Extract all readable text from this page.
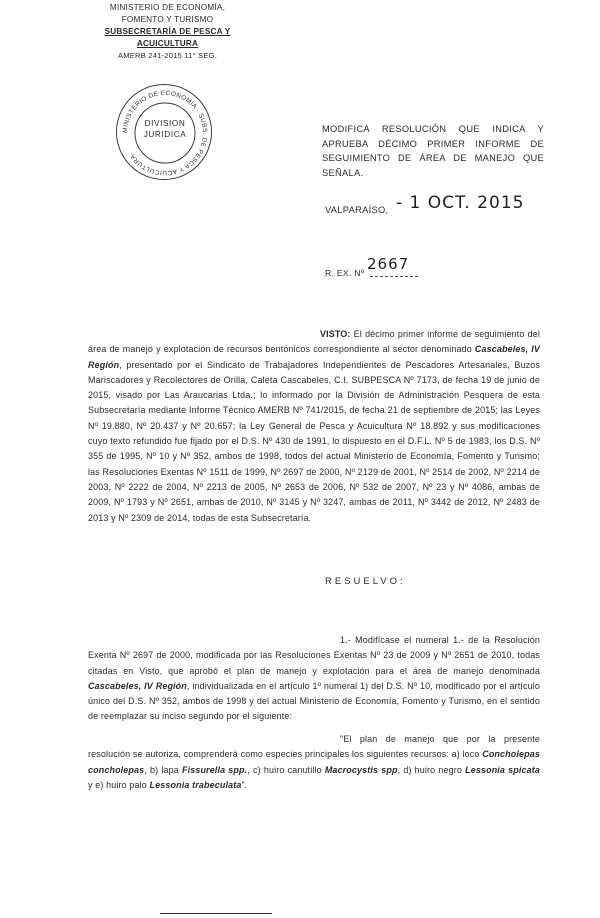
MINISTERIO DE ECONOMÍA,
FOMENTO Y TURISMO
SUBSECRETARÍA DE PESCA Y ACUICULTURA
AMERB 241-2015 11° SEG.
MINISTERIO DE ECONOMÍA · SUBS. DE PESCA Y ACUICULTURA
DIVISION
JURIDICA
MODIFICA RESOLUCIÓN QUE INDICA Y APRUEBA DÉCIMO PRIMER INFORME DE SEGUIMIENTO DE ÁREA DE MANEJO QUE SEÑALA.
VALPARAÍSO, - 1 OCT. 2015
R. EX. Nº 2667
VISTO: El décimo primer informe de seguimiento del área de manejo y explotación de recursos bentónicos correspondiente al sector denominado Cascabeles, IV Región, presentado por el Sindicato de Trabajadores Independientes de Pescadores Artesanales, Buzos Mariscadores y Recolectores de Orilla, Caleta Cascabeles, C.I. SUBPESCA Nº 7173, de fecha 19 de junio de 2015, visado por Las Araucarias Ltda.; lo informado por la División de Administración Pesquera de esta Subsecretaría mediante Informe Técnico AMERB Nº 741/2015, de fecha 21 de septiembre de 2015; las Leyes Nº 19.880, Nº 20.437 y Nº 20.657; la Ley General de Pesca y Acuicultura Nº 18.892 y sus modificaciones cuyo texto refundido fue fijado por el D.S. Nº 430 de 1991, lo dispuesto en el D.F.L. Nº 5 de 1983, los D.S. Nº 355 de 1995, Nº 10 y Nº 352, ambos de 1998, todos del actual Ministerio de Economía, Fomento y Turismo; las Resoluciones Exentas Nº 1511 de 1999, Nº 2697 de 2000, Nº 2129 de 2001, Nº 2514 de 2002, Nº 2214 de 2003, Nº 2222 de 2004, Nº 2213 de 2005, Nº 2653 de 2006, Nº 532 de 2007, Nº 23 y Nº 4086, ambas de 2009, Nº 1793 y Nº 2651, ambas de 2010, Nº 3145 y Nº 3247, ambas de 2011, Nº 3442 de 2012, Nº 2483 de 2013 y Nº 2309 de 2014, todas de esta Subsecretaría.
RESUELVO:
1.- Modifícase el numeral 1.- de la Resolución Exenta Nº 2697 de 2000, modificada por las Resoluciones Exentas Nº 23 de 2009 y Nº 2651 de 2010, todas citadas en Visto, que aprobó el plan de manejo y explotación para el área de manejo denominada Cascabeles, IV Región, individualizada en el artículo 1º numeral 1) del D.S. Nº 10, modificado por el artículo único del D.S. Nº 352, ambos de 1998 y del actual Ministerio de Economía, Fomento y Turismo, en el sentido de reemplazar su inciso segundo por el siguiente:
"El plan de manejo que por la presente resolución se autoriza, comprenderá como especies principales los siguientes recursos: a) loco Concholepas concholepas, b) lapa Fissurella spp., c) huiro canutillo Macrocystis spp, d) huiro negro Lessonia spicata y e) huiro palo Lessonia trabeculata".
